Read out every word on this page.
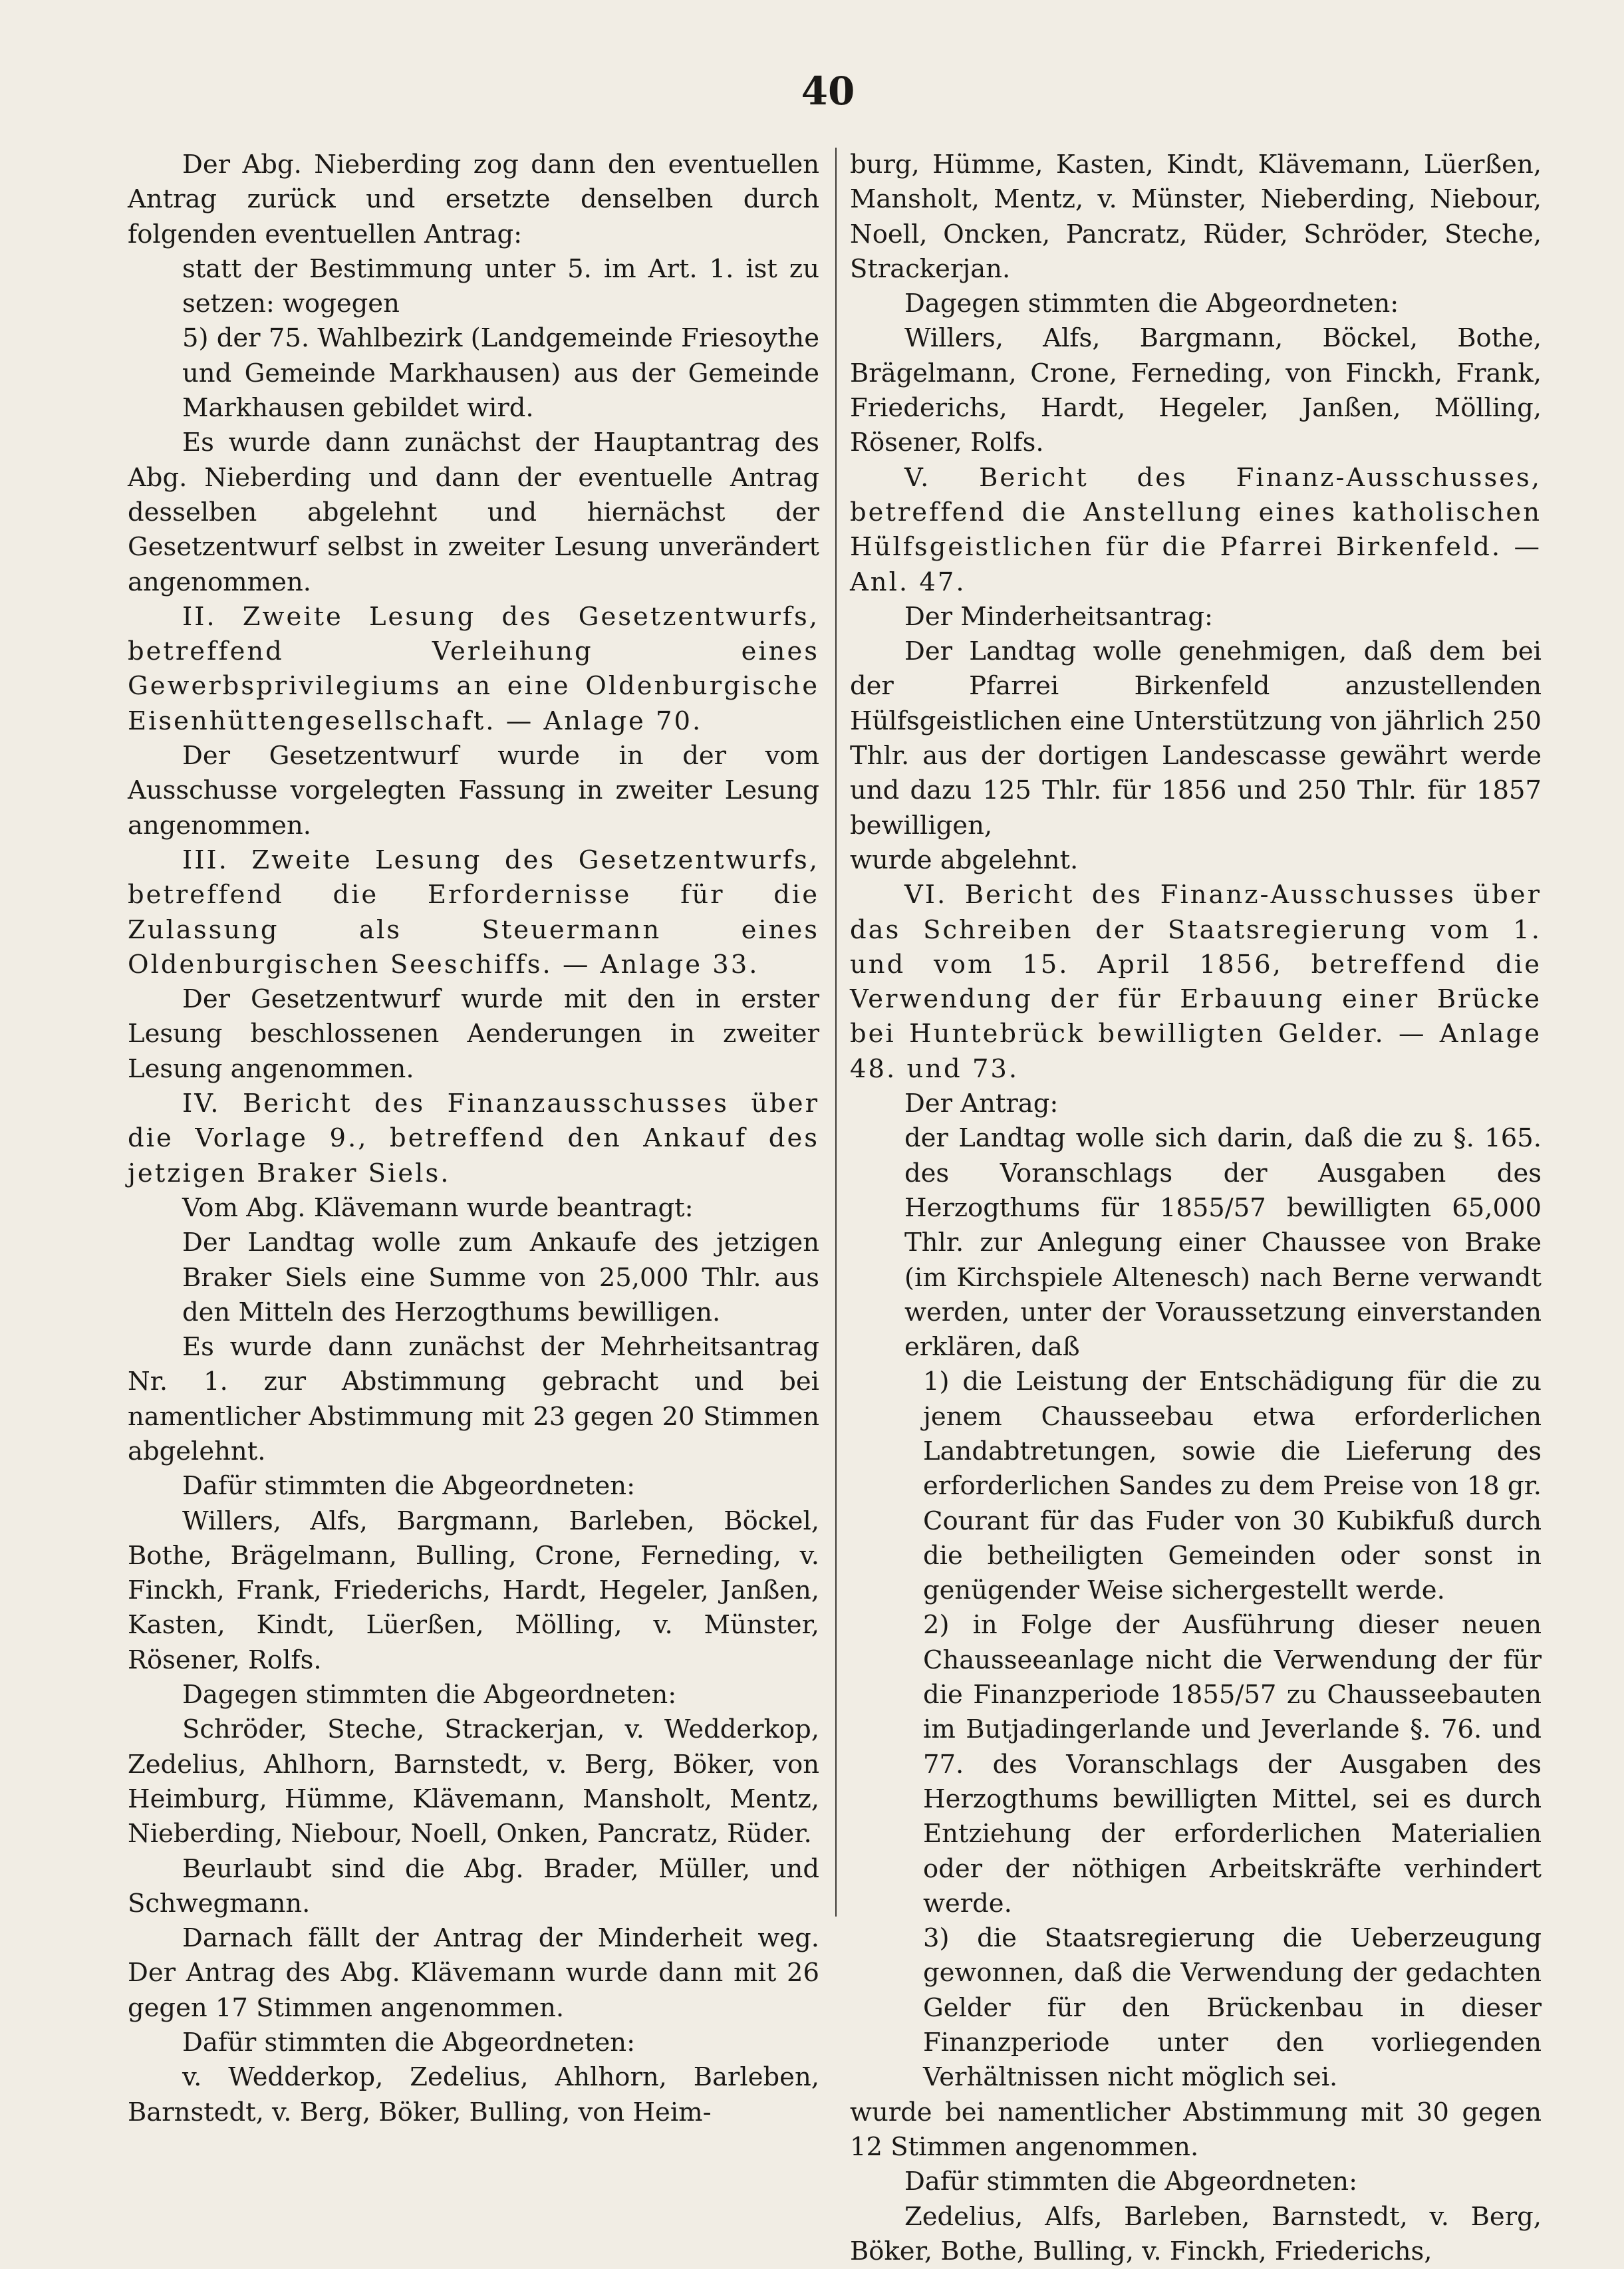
40

Der Abg. Nieberding zog dann den eventuellen Antrag zurück und ersetzte denselben durch folgenden eventuellen Antrag:

statt der Bestimmung unter 5. im Art. 1. ist zu setzen: wogegen

5) der 75. Wahlbezirk (Landgemeinde Friesoythe und Gemeinde Markhausen) aus der Gemeinde Markhausen gebildet wird.

Es wurde dann zunächst der Hauptantrag des Abg. Nieberding und dann der eventuelle Antrag desselben abgelehnt und hiernächst der Gesetzentwurf selbst in zweiter Lesung unverändert angenommen.

II. Zweite Lesung des Gesetzentwurfs, betreffend Verleihung eines Gewerbsprivilegiums an eine Oldenburgische Eisenhüttengesellschaft. — Anlage 70.

Der Gesetzentwurf wurde in der vom Ausschusse vorgelegten Fassung in zweiter Lesung angenommen.

III. Zweite Lesung des Gesetzentwurfs, betreffend die Erfordernisse für die Zulassung als Steuermann eines Oldenburgischen Seeschiffs. — Anlage 33.

Der Gesetzentwurf wurde mit den in erster Lesung beschlossenen Aenderungen in zweiter Lesung angenommen.

IV. Bericht des Finanzausschusses über die Vorlage 9., betreffend den Ankauf des jetzigen Braker Siels.

Vom Abg. Klävemann wurde beantragt:

Der Landtag wolle zum Ankaufe des jetzigen Braker Siels eine Summe von 25,000 Thlr. aus den Mitteln des Herzogthums bewilligen.

Es wurde dann zunächst der Mehrheitsantrag Nr. 1. zur Abstimmung gebracht und bei namentlicher Abstimmung mit 23 gegen 20 Stimmen abgelehnt.

Dafür stimmten die Abgeordneten:

Willers, Alfs, Bargmann, Barleben, Böckel, Bothe, Brägelmann, Bulling, Crone, Ferneding, v. Finckh, Frank, Friederichs, Hardt, Hegeler, Janßen, Kasten, Kindt, Lüerßen, Mölling, v. Münster, Rösener, Rolfs.

Dagegen stimmten die Abgeordneten:

Schröder, Steche, Strackerjan, v. Wedderkop, Zedelius, Ahlhorn, Barnstedt, v. Berg, Böker, von Heimburg, Hümme, Klävemann, Mansholt, Mentz, Nieberding, Niebour, Noell, Onken, Pancratz, Rüder.

Beurlaubt sind die Abg. Brader, Müller, und Schwegmann.

Darnach fällt der Antrag der Minderheit weg. Der Antrag des Abg. Klävemann wurde dann mit 26 gegen 17 Stimmen angenommen.

Dafür stimmten die Abgeordneten:

v. Wedderkop, Zedelius, Ahlhorn, Barleben, Barnstedt, v. Berg, Böker, Bulling, von Heim-

burg, Hümme, Kasten, Kindt, Klävemann, Lüerßen, Mansholt, Mentz, v. Münster, Nieberding, Niebour, Noell, Oncken, Pancratz, Rüder, Schröder, Steche, Strackerjan.

Dagegen stimmten die Abgeordneten:

Willers, Alfs, Bargmann, Böckel, Bothe, Brägelmann, Crone, Ferneding, von Finckh, Frank, Friederichs, Hardt, Hegeler, Janßen, Mölling, Rösener, Rolfs.

V. Bericht des Finanz-Ausschusses, betreffend die Anstellung eines katholischen Hülfsgeistlichen für die Pfarrei Birkenfeld. — Anl. 47.

Der Minderheitsantrag:

Der Landtag wolle genehmigen, daß dem bei der Pfarrei Birkenfeld anzustellenden Hülfsgeistlichen eine Unterstützung von jährlich 250 Thlr. aus der dortigen Landescasse gewährt werde und dazu 125 Thlr. für 1856 und 250 Thlr. für 1857 bewilligen,

wurde abgelehnt.

VI. Bericht des Finanz-Ausschusses über das Schreiben der Staatsregierung vom 1. und vom 15. April 1856, betreffend die Verwendung der für Erbauung einer Brücke bei Huntebrück bewilligten Gelder. — Anlage 48. und 73.

Der Antrag:

der Landtag wolle sich darin, daß die zu §. 165. des Voranschlags der Ausgaben des Herzogthums für 1855/57 bewilligten 65,000 Thlr. zur Anlegung einer Chaussee von Brake (im Kirchspiele Altenesch) nach Berne verwandt werden, unter der Voraussetzung einverstanden erklären, daß

1) die Leistung der Entschädigung für die zu jenem Chausseebau etwa erforderlichen Landabtretungen, sowie die Lieferung des erforderlichen Sandes zu dem Preise von 18 gr. Courant für das Fuder von 30 Kubikfuß durch die betheiligten Gemeinden oder sonst in genügender Weise sichergestellt werde.

2) in Folge der Ausführung dieser neuen Chausseeanlage nicht die Verwendung der für die Finanzperiode 1855/57 zu Chausseebauten im Butjadingerlande und Jeverlande §. 76. und 77. des Voranschlags der Ausgaben des Herzogthums bewilligten Mittel, sei es durch Entziehung der erforderlichen Materialien oder der nöthigen Arbeitskräfte verhindert werde.

3) die Staatsregierung die Ueberzeugung gewonnen, daß die Verwendung der gedachten Gelder für den Brückenbau in dieser Finanzperiode unter den vorliegenden Verhältnissen nicht möglich sei.

wurde bei namentlicher Abstimmung mit 30 gegen 12 Stimmen angenommen.

Dafür stimmten die Abgeordneten:

Zedelius, Alfs, Barleben, Barnstedt, v. Berg, Böker, Bothe, Bulling, v. Finckh, Friederichs,
